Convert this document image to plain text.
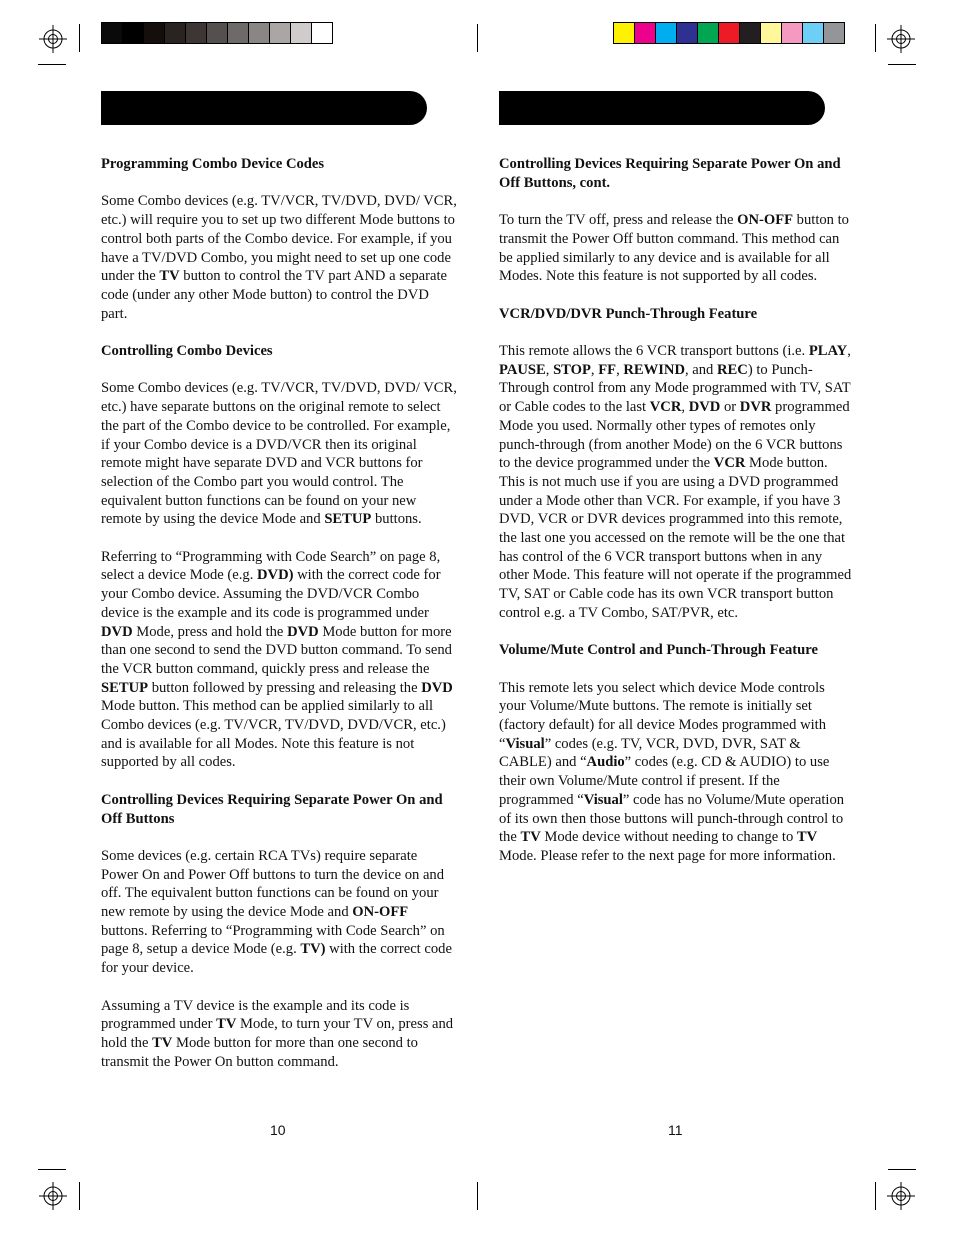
Programming Combo Device Codes

Some Combo devices (e.g. TV/VCR, TV/DVD, DVD/ VCR, etc.) will require you to set up two different Mode buttons to control both parts of the Combo device. For example, if you have a TV/DVD Combo, you might need to set up one code under the TV button to control the TV part AND a separate code (under any other Mode button) to control the DVD part.

Controlling Combo Devices

Some Combo devices (e.g. TV/VCR, TV/DVD, DVD/ VCR, etc.) have separate buttons on the original remote to select the part of the Combo device to be controlled. For example, if your Combo device is a DVD/VCR then its original remote might have separate DVD and VCR buttons for selection of the Combo part you would control. The equivalent button functions can be found on your new remote by using the device Mode and SETUP buttons.

Referring to “Programming with Code Search” on page 8, select a device Mode (e.g. DVD) with the correct code for your Combo device. Assuming the DVD/VCR Combo device is the example and its code is programmed under DVD Mode, press and hold the DVD Mode button for more than one second to send the DVD button command. To send the VCR button command, quickly press and release the SETUP button followed by pressing and releasing the DVD Mode button. This method can be applied similarly to all Combo devices (e.g. TV/VCR, TV/DVD, DVD/VCR, etc.) and is available for all Modes. Note this feature is not supported by all codes.

Controlling Devices Requiring Separate Power On and Off Buttons

Some devices (e.g. certain RCA TVs) require separate Power On and Power Off buttons to turn the device on and off. The equivalent button functions can be found on your new remote by using the device Mode and ON-OFF buttons. Referring to “Programming with Code Search” on page 8, setup a device Mode (e.g. TV) with the correct code for your device.

Assuming a TV device is the example and its code is programmed under TV Mode, to turn your TV on, press and hold the TV Mode button for more than one second to transmit the Power On button command.

Controlling Devices Requiring Separate Power On and Off Buttons, cont.

To turn the TV off, press and release the ON-OFF button to transmit the Power Off button command. This method can be applied similarly to any device and is available for all Modes. Note this feature is not supported by all codes.

VCR/DVD/DVR Punch-Through Feature

This remote allows the 6 VCR transport buttons (i.e. PLAY, PAUSE, STOP, FF, REWIND, and REC) to Punch-Through control from any Mode programmed with TV, SAT or Cable codes to the last VCR, DVD or DVR programmed Mode you used. Normally other types of remotes only punch-through (from another Mode) on the 6 VCR buttons to the device programmed under the VCR Mode button. This is not much use if you are using a DVD programmed under a Mode other than VCR. For example, if you have 3 DVD, VCR or DVR devices programmed into this remote, the last one you accessed on the remote will be the one that has control of the 6 VCR transport buttons when in any other Mode. This feature will not operate if the programmed TV, SAT or Cable code has its own VCR transport button control e.g. a TV Combo, SAT/PVR, etc.

Volume/Mute Control and Punch-Through Feature

This remote lets you select which device Mode controls your Volume/Mute buttons. The remote is initially set (factory default) for all device Modes programmed with “Visual” codes (e.g. TV, VCR, DVD, DVR, SAT & CABLE) and “Audio” codes (e.g. CD & AUDIO) to use their own Volume/Mute control if present. If the programmed “Visual” code has no Volume/Mute operation of its own then those buttons will punch-through control to the TV Mode device without needing to change to TV Mode. Please refer to the next page for more information.

10	11
